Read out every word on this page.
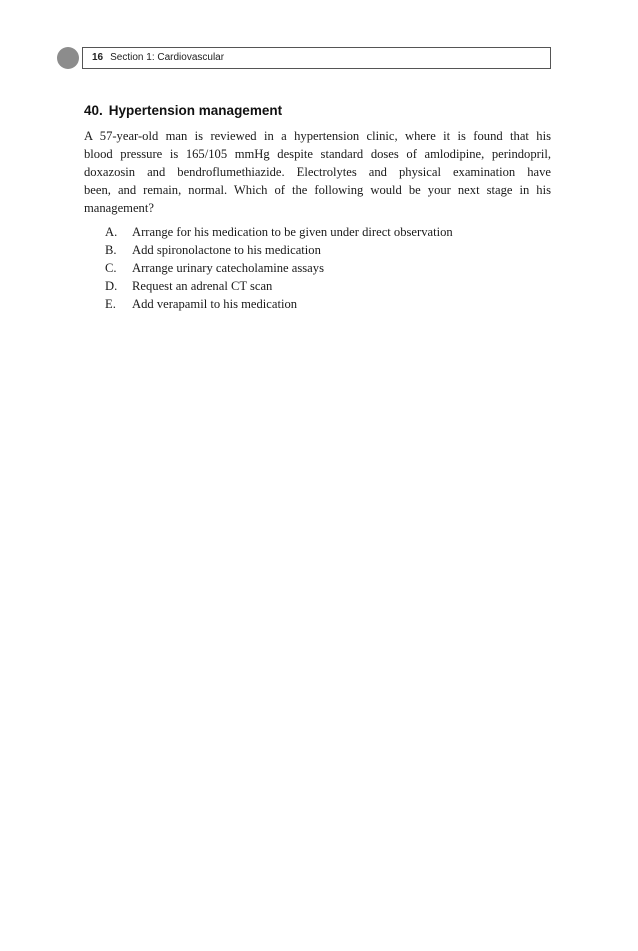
16 Section 1: Cardiovascular
40. Hypertension management

A 57-year-old man is reviewed in a hypertension clinic, where it is found that his

blood pressure is 165/105 mmHg despite standard doses of amlodipine, perindopril,

doxazosin and bendroflumethiazide. Electrolytes and physical examination have

been, and remain, normal. Which of the following would be your next stage in his

management?

A. Arrange for his medication to be given under direct observation
B. Add spironolactone to his medication
C. Arrange urinary catecholamine assays
D. Request an adrenal CT scan
E. Add verapamil to his medication
